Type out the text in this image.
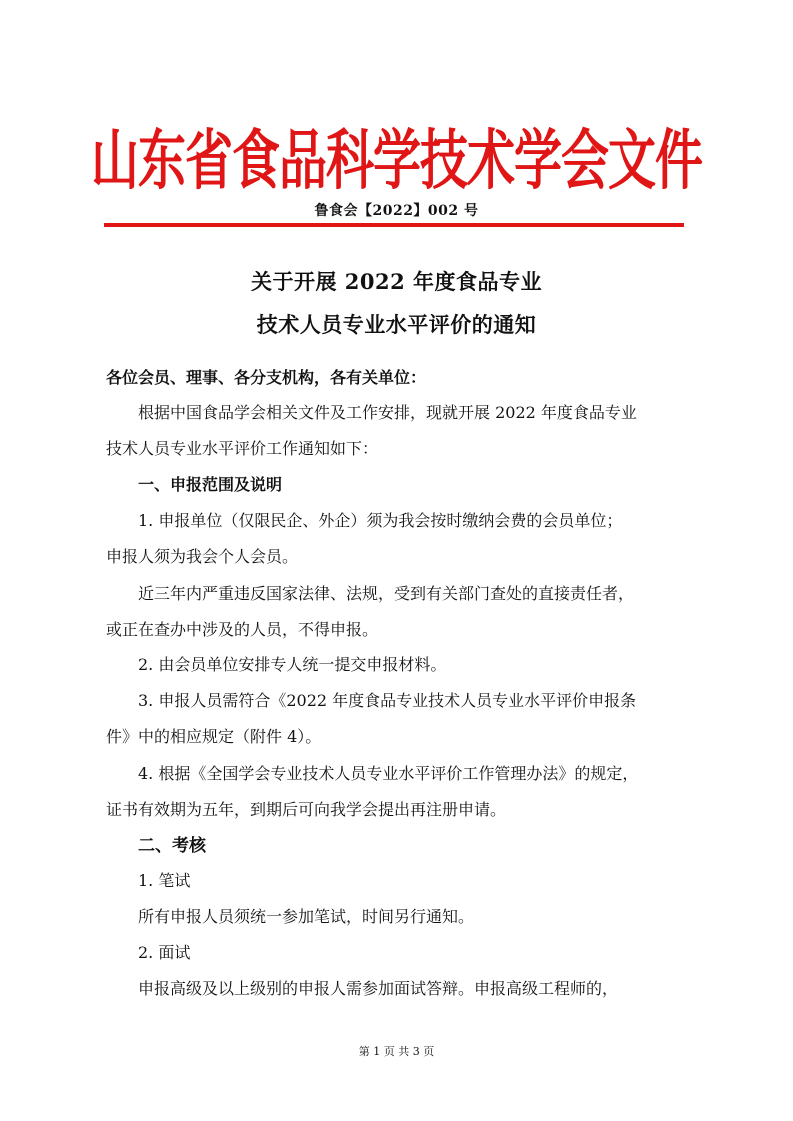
山东省食品科学技术学会文件
鲁食会【2022】002 号
关于开展 2022 年度食品专业
技术人员专业水平评价的通知
各位会员、理事、各分支机构，各有关单位：
根据中国食品学会相关文件及工作安排，现就开展 2022 年度食品专业
技术人员专业水平评价工作通知如下：
一、申报范围及说明
1. 申报单位（仅限民企、外企）须为我会按时缴纳会费的会员单位；
申报人须为我会个人会员。
近三年内严重违反国家法律、法规，受到有关部门查处的直接责任者，
或正在查办中涉及的人员，不得申报。
2. 由会员单位安排专人统一提交申报材料。
3. 申报人员需符合《2022 年度食品专业技术人员专业水平评价申报条
件》中的相应规定（附件 4）。
4. 根据《全国学会专业技术人员专业水平评价工作管理办法》的规定，
证书有效期为五年，到期后可向我学会提出再注册申请。
二、考核
1. 笔试
所有申报人员须统一参加笔试，时间另行通知。
2. 面试
申报高级及以上级别的申报人需参加面试答辩。申报高级工程师的，
第 1 页 共 3 页
